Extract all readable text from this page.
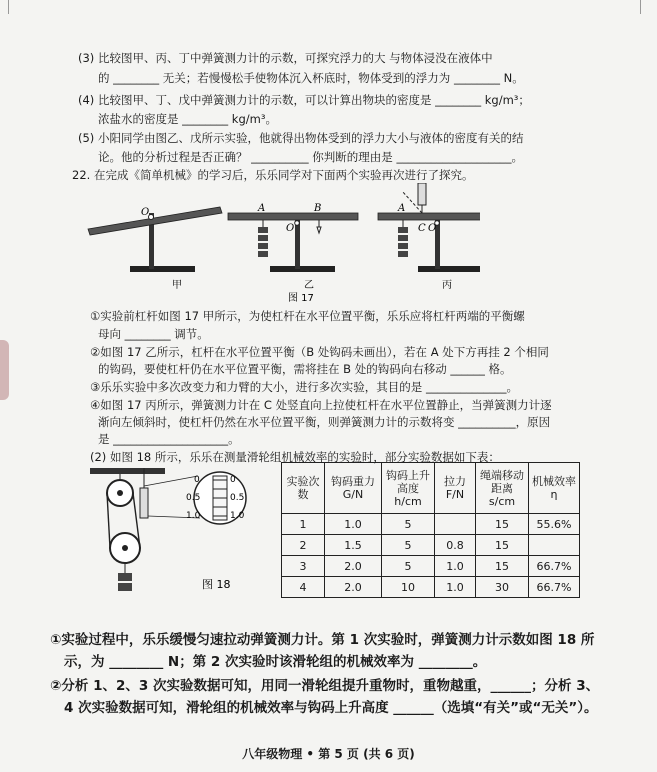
(3) 比较图甲、丙、丁中弹簧测力计的示数，可探究浮力的大 与物体浸没在液体中
的 ________ 无关；若慢慢松手使物体沉入杯底时，物体受到的浮力为 ________ N。
(4) 比较图甲、丁、戊中弹簧测力计的示数，可以计算出物块的密度是 ________ kg/m³；
浓盐水的密度是 ________ kg/m³。
(5) 小阳同学由图乙、戊所示实验，他就得出物体受到的浮力大小与液体的密度有关的结
论。他的分析过程是否正确？ __________ 你判断的理由是 ____________________。
22. 在完成《简单机械》的学习后，乐乐同学对下面两个实验再次进行了探究。
O	A	B
O
A
C O
甲	乙	丙
图 17
①实验前杠杆如图 17 甲所示，为使杠杆在水平位置平衡，乐乐应将杠杆两端的平衡螺
母向 ________ 调节。
②如图 17 乙所示，杠杆在水平位置平衡（B 处钩码未画出），若在 A 处下方再挂 2 个相同
的钩码，要使杠杆仍在水平位置平衡，需将挂在 B 处的钩码向右移动 ______ 格。
③乐乐实验中多次改变力和力臂的大小，进行多次实验，其目的是 ______________。
④如图 17 丙所示，弹簧测力计在 C 处竖直向上拉使杠杆在水平位置静止，当弹簧测力计逐
渐向左倾斜时，使杠杆仍然在水平位置平衡，则弹簧测力计的示数将变 __________，原因
是 ____________________。
(2) 如图 18 所示，乐乐在测量滑轮组机械效率的实验时，部分实验数据如下表：
0
0.5
1.0
0
0.5
1.0
图 18
实验次数	钩码重力 G/N	钩码上升高度 h/cm	拉力 F/N	绳端移动距离 s/cm	机械效率 η
1	1.0	5		15	55.6%
2	1.5	5	0.8	15	
3	2.0	5	1.0	15	66.7%
4	2.0	10	1.0	30	66.7%
①实验过程中，乐乐缓慢匀速拉动弹簧测力计。第 1 次实验时，弹簧测力计示数如图 18 所
示，为 ________ N；第 2 次实验时该滑轮组的机械效率为 ________。
②分析 1、2、3 次实验数据可知，用同一滑轮组提升重物时，重物越重，______；分析 3、
4 次实验数据可知，滑轮组的机械效率与钩码上升高度 ______（选填“有关”或“无关”）。
八年级物理 • 第 5 页 (共 6 页)
